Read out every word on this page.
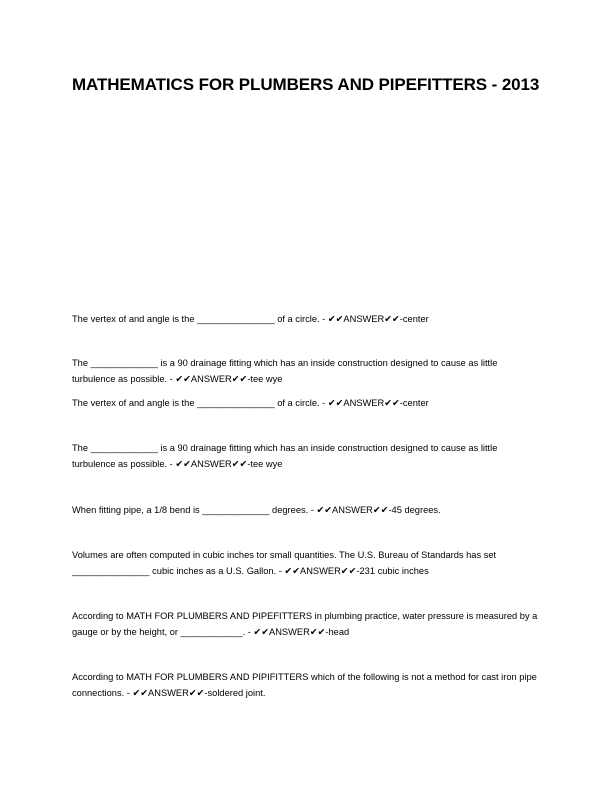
MATHEMATICS FOR PLUMBERS AND PIPEFITTERS - 2013

The vertex of and angle is the _______________ of a circle. - ✔✔ANSWER✔✔-center

The _____________ is a 90 drainage fitting which has an inside construction designed to cause as little turbulence as possible. - ✔✔ANSWER✔✔-tee wye

The vertex of and angle is the _______________ of a circle. - ✔✔ANSWER✔✔-center

The _____________ is a 90 drainage fitting which has an inside construction designed to cause as little turbulence as possible. - ✔✔ANSWER✔✔-tee wye

When fitting pipe, a 1/8 bend is _____________ degrees. - ✔✔ANSWER✔✔-45 degrees.

Volumes are often computed in cubic inches tor small quantities. The U.S. Bureau of Standards has set _______________ cubic inches as a U.S. Gallon. - ✔✔ANSWER✔✔-231 cubic inches

According to MATH FOR PLUMBERS AND PIPEFITTERS in plumbing practice, water pressure is measured by a gauge or by the height, or ____________. - ✔✔ANSWER✔✔-head

According to MATH FOR PLUMBERS AND PIPIFITTERS which of the following is not a method for cast iron pipe connections. - ✔✔ANSWER✔✔-soldered joint.
